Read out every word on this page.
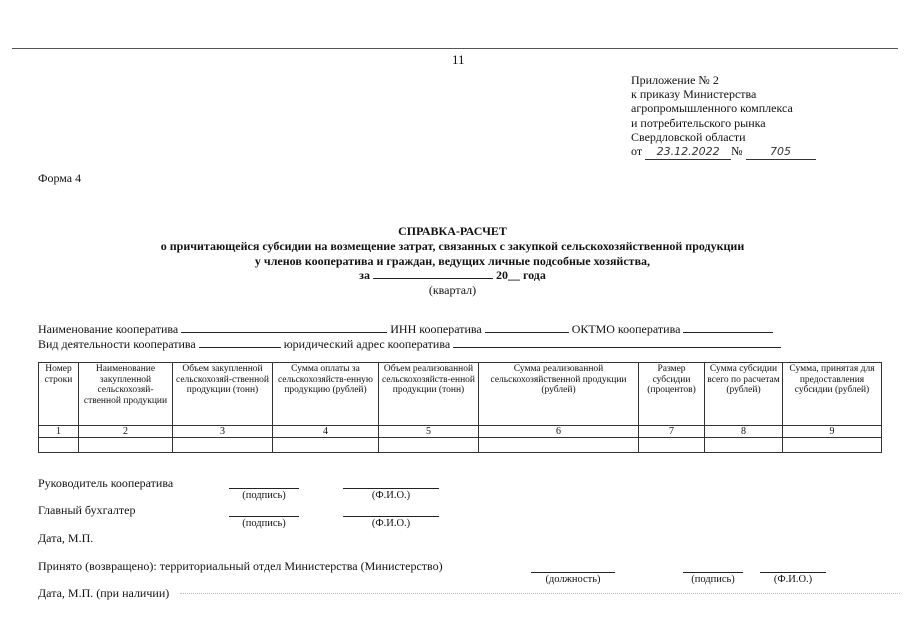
11
Приложение № 2
к приказу Министерства
агропромышленного комплекса
и потребительского рынка
Свердловской области
от 23.12.2022 №	705
Форма 4
СПРАВКА-РАСЧЕТ
о причитающейся субсидии на возмещение затрат, связанных с закупкой сельскохозяйственной продукции
у членов кооператива и граждан, ведущих личные подсобные хозяйства,
за	20__ года
(квартал)
Наименование кооператива	ИНН кооператива	ОКТМО кооператива
Вид деятельности кооператива	юридический адрес кооператива
Номер строки	Наименование закупленной сельскохозяй-ственной продукции	Объем закупленной сельскохозяй-ственной продукции (тонн)	Сумма оплаты за сельскохозяйств-енную продукцию (рублей)	Объем реализованной сельскохозяйств-енной продукции (тонн)	Сумма реализованной сельскохозяйственной продукции (рублей)	Размер субсидии (процентов)	Сумма субсидии всего по расчетам (рублей)	Сумма, принятая для предоставления субсидии (рублей)
1	2	3	4	5	6	7	8	9

Руководитель кооператива
(подпись)	(Ф.И.О.)
Главный бухгалтер
(подпись)	(Ф.И.О.)
Дата, М.П.
Принято (возвращено): территориальный отдел Министерства (Министерство)
(должность)	(подпись)	(Ф.И.О.)
Дата, М.П. (при наличии)
